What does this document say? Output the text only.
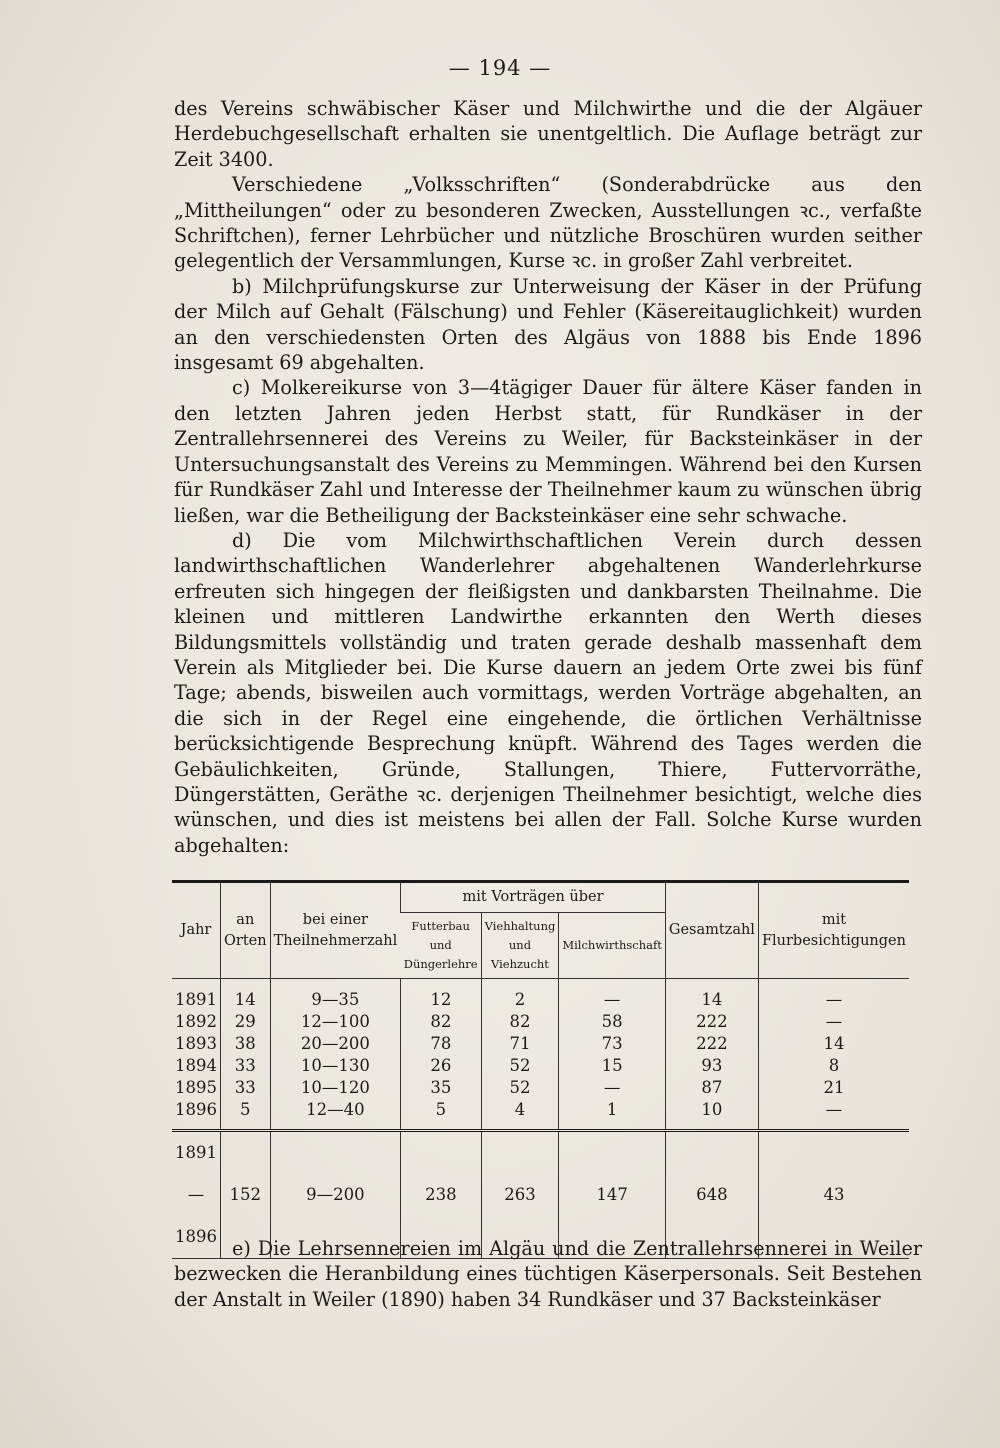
— 194 —

des Vereins schwäbischer Käser und Milchwirthe und die der Algäuer Herdebuchgesellschaft erhalten sie unentgeltlich. Die Auflage beträgt zur Zeit 3400.

Verschiedene „Volksschriften“ (Sonderabdrücke aus den „Mittheilungen“ oder zu besonderen Zwecken, Ausstellungen ꝛc., verfaßte Schriftchen), ferner Lehrbücher und nützliche Broschüren wurden seither gelegentlich der Versammlungen, Kurse ꝛc. in großer Zahl verbreitet.

b) Milchprüfungskurse zur Unterweisung der Käser in der Prüfung der Milch auf Gehalt (Fälschung) und Fehler (Käsereitauglichkeit) wurden an den verschiedensten Orten des Algäus von 1888 bis Ende 1896 insgesamt 69 abgehalten.

c) Molkereikurse von 3—4tägiger Dauer für ältere Käser fanden in den letzten Jahren jeden Herbst statt, für Rundkäser in der Zentrallehrsennerei des Vereins zu Weiler, für Backsteinkäser in der Untersuchungsanstalt des Vereins zu Memmingen. Während bei den Kursen für Rundkäser Zahl und Interesse der Theilnehmer kaum zu wünschen übrig ließen, war die Betheiligung der Backsteinkäser eine sehr schwache.

d) Die vom Milchwirthschaftlichen Verein durch dessen landwirthschaftlichen Wanderlehrer abgehaltenen Wanderlehrkurse erfreuten sich hingegen der fleißigsten und dankbarsten Theilnahme. Die kleinen und mittleren Landwirthe erkannten den Werth dieses Bildungsmittels vollständig und traten gerade deshalb massenhaft dem Verein als Mitglieder bei. Die Kurse dauern an jedem Orte zwei bis fünf Tage; abends, bisweilen auch vormittags, werden Vorträge abgehalten, an die sich in der Regel eine eingehende, die örtlichen Verhältnisse berücksichtigende Besprechung knüpft. Während des Tages werden die Gebäulichkeiten, Gründe, Stallungen, Thiere, Futtervorräthe, Düngerstätten, Geräthe ꝛc. derjenigen Theilnehmer besichtigt, welche dies wünschen, und dies ist meistens bei allen der Fall. Solche Kurse wurden abgehalten:

Jahr	an Orten	bei einer Theilnehmerzahl	mit Vorträgen über			Gesamtzahl	mit Flurbesichtigungen
			Futterbau und Düngerlehre	Viehhaltung und Viehzucht	Milchwirthschaft		
1891	14	9—35	12	2	—	14	—
1892	29	12—100	82	82	58	222	—
1893	38	20—200	78	71	73	222	14
1894	33	10—130	26	52	15	93	8
1895	33	10—120	35	52	—	87	21
1896	5	12—40	5	4	1	10	—
1891—1896	152	9—200	238	263	147	648	43

e) Die Lehrsennereien im Algäu und die Zentrallehrsennerei in Weiler bezwecken die Heranbildung eines tüchtigen Käserpersonals. Seit Bestehen der Anstalt in Weiler (1890) haben 34 Rundkäser und 37 Backsteinkäser
